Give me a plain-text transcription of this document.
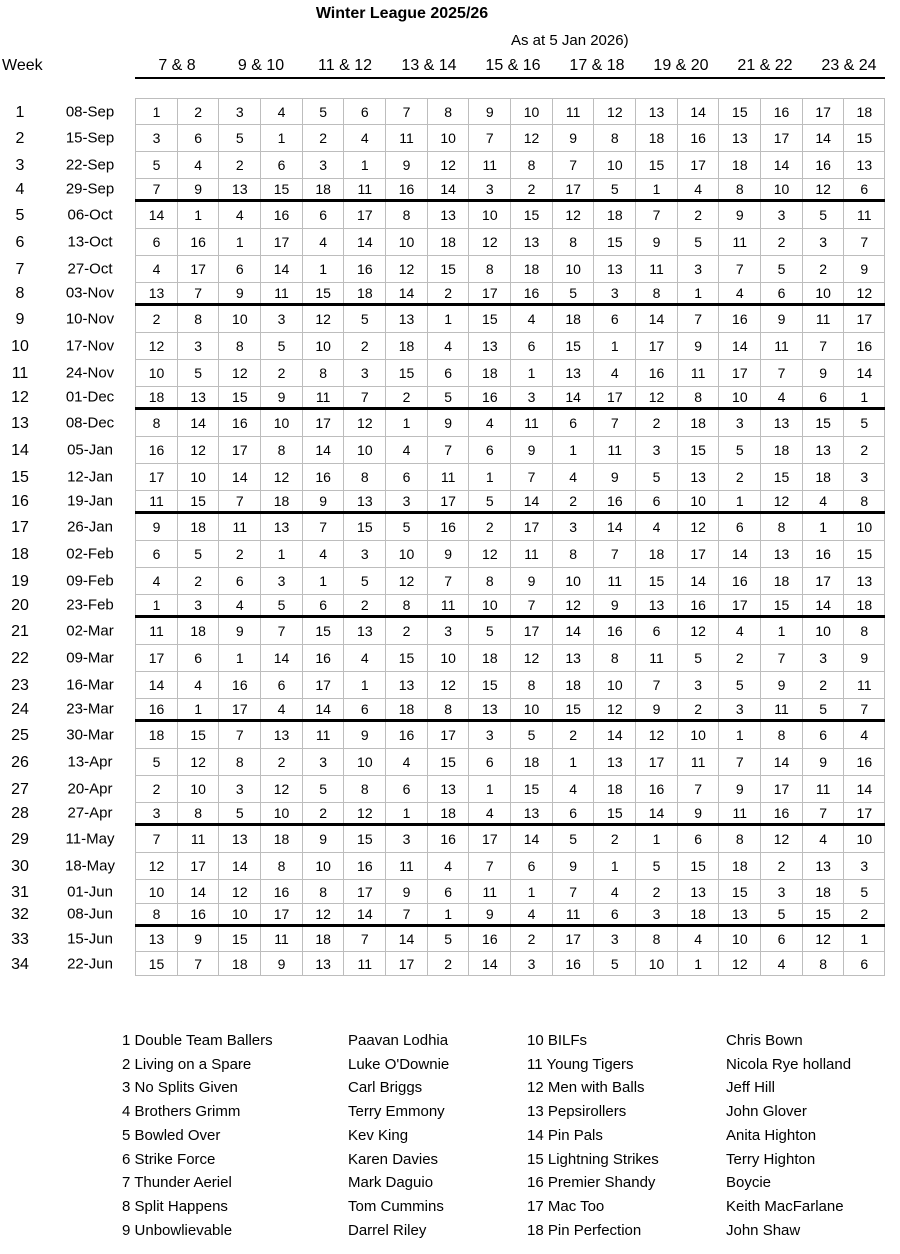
Winter League 2025/26
As at 5 Jan 2026)
Week	7 & 8	9 & 10	11 & 12	13 & 14	15 & 16	17 & 18	19 & 20	21 & 22	23 & 24
1	08-Sep	1	2	3	4	5	6	7	8	9	10	11	12	13	14	15	16	17	18
2	15-Sep	3	6	5	1	2	4	11	10	7	12	9	8	18	16	13	17	14	15
3	22-Sep	5	4	2	6	3	1	9	12	11	8	7	10	15	17	18	14	16	13
4	29-Sep	7	9	13	15	18	11	16	14	3	2	17	5	1	4	8	10	12	6
5	06-Oct	14	1	4	16	6	17	8	13	10	15	12	18	7	2	9	3	5	11
6	13-Oct	6	16	1	17	4	14	10	18	12	13	8	15	9	5	11	2	3	7
7	27-Oct	4	17	6	14	1	16	12	15	8	18	10	13	11	3	7	5	2	9
8	03-Nov	13	7	9	11	15	18	14	2	17	16	5	3	8	1	4	6	10	12
9	10-Nov	2	8	10	3	12	5	13	1	15	4	18	6	14	7	16	9	11	17
10	17-Nov	12	3	8	5	10	2	18	4	13	6	15	1	17	9	14	11	7	16
11	24-Nov	10	5	12	2	8	3	15	6	18	1	13	4	16	11	17	7	9	14
12	01-Dec	18	13	15	9	11	7	2	5	16	3	14	17	12	8	10	4	6	1
13	08-Dec	8	14	16	10	17	12	1	9	4	11	6	7	2	18	3	13	15	5
14	05-Jan	16	12	17	8	14	10	4	7	6	9	1	11	3	15	5	18	13	2
15	12-Jan	17	10	14	12	16	8	6	11	1	7	4	9	5	13	2	15	18	3
16	19-Jan	11	15	7	18	9	13	3	17	5	14	2	16	6	10	1	12	4	8
17	26-Jan	9	18	11	13	7	15	5	16	2	17	3	14	4	12	6	8	1	10
18	02-Feb	6	5	2	1	4	3	10	9	12	11	8	7	18	17	14	13	16	15
19	09-Feb	4	2	6	3	1	5	12	7	8	9	10	11	15	14	16	18	17	13
20	23-Feb	1	3	4	5	6	2	8	11	10	7	12	9	13	16	17	15	14	18
21	02-Mar	11	18	9	7	15	13	2	3	5	17	14	16	6	12	4	1	10	8
22	09-Mar	17	6	1	14	16	4	15	10	18	12	13	8	11	5	2	7	3	9
23	16-Mar	14	4	16	6	17	1	13	12	15	8	18	10	7	3	5	9	2	11
24	23-Mar	16	1	17	4	14	6	18	8	13	10	15	12	9	2	3	11	5	7
25	30-Mar	18	15	7	13	11	9	16	17	3	5	2	14	12	10	1	8	6	4
26	13-Apr	5	12	8	2	3	10	4	15	6	18	1	13	17	11	7	14	9	16
27	20-Apr	2	10	3	12	5	8	6	13	1	15	4	18	16	7	9	17	11	14
28	27-Apr	3	8	5	10	2	12	1	18	4	13	6	15	14	9	11	16	7	17
29	11-May	7	11	13	18	9	15	3	16	17	14	5	2	1	6	8	12	4	10
30	18-May	12	17	14	8	10	16	11	4	7	6	9	1	5	15	18	2	13	3
31	01-Jun	10	14	12	16	8	17	9	6	11	1	7	4	2	13	15	3	18	5
32	08-Jun	8	16	10	17	12	14	7	1	9	4	11	6	3	18	13	5	15	2
33	15-Jun	13	9	15	11	18	7	14	5	16	2	17	3	8	4	10	6	12	1
34	22-Jun	15	7	18	9	13	11	17	2	14	3	16	5	10	1	12	4	8	6
1 Double Team Ballers	Paavan Lodhia
2 Living on a Spare	Luke O'Downie
3 No Splits Given	Carl Briggs
4 Brothers Grimm	Terry Emmony
5 Bowled Over	Kev King
6 Strike Force	Karen Davies
7 Thunder Aeriel	Mark Daguio
8 Split Happens	Tom Cummins
9 Unbowlievable	Darrel Riley
10 BILFs	Chris Bown
11 Young Tigers	Nicola Rye holland
12 Men with Balls	Jeff Hill
13 Pepsirollers	John Glover
14 Pin Pals	Anita Highton
15 Lightning Strikes	Terry Highton
16 Premier Shandy	Boycie
17 Mac Too	Keith MacFarlane
18 Pin Perfection	John Shaw
